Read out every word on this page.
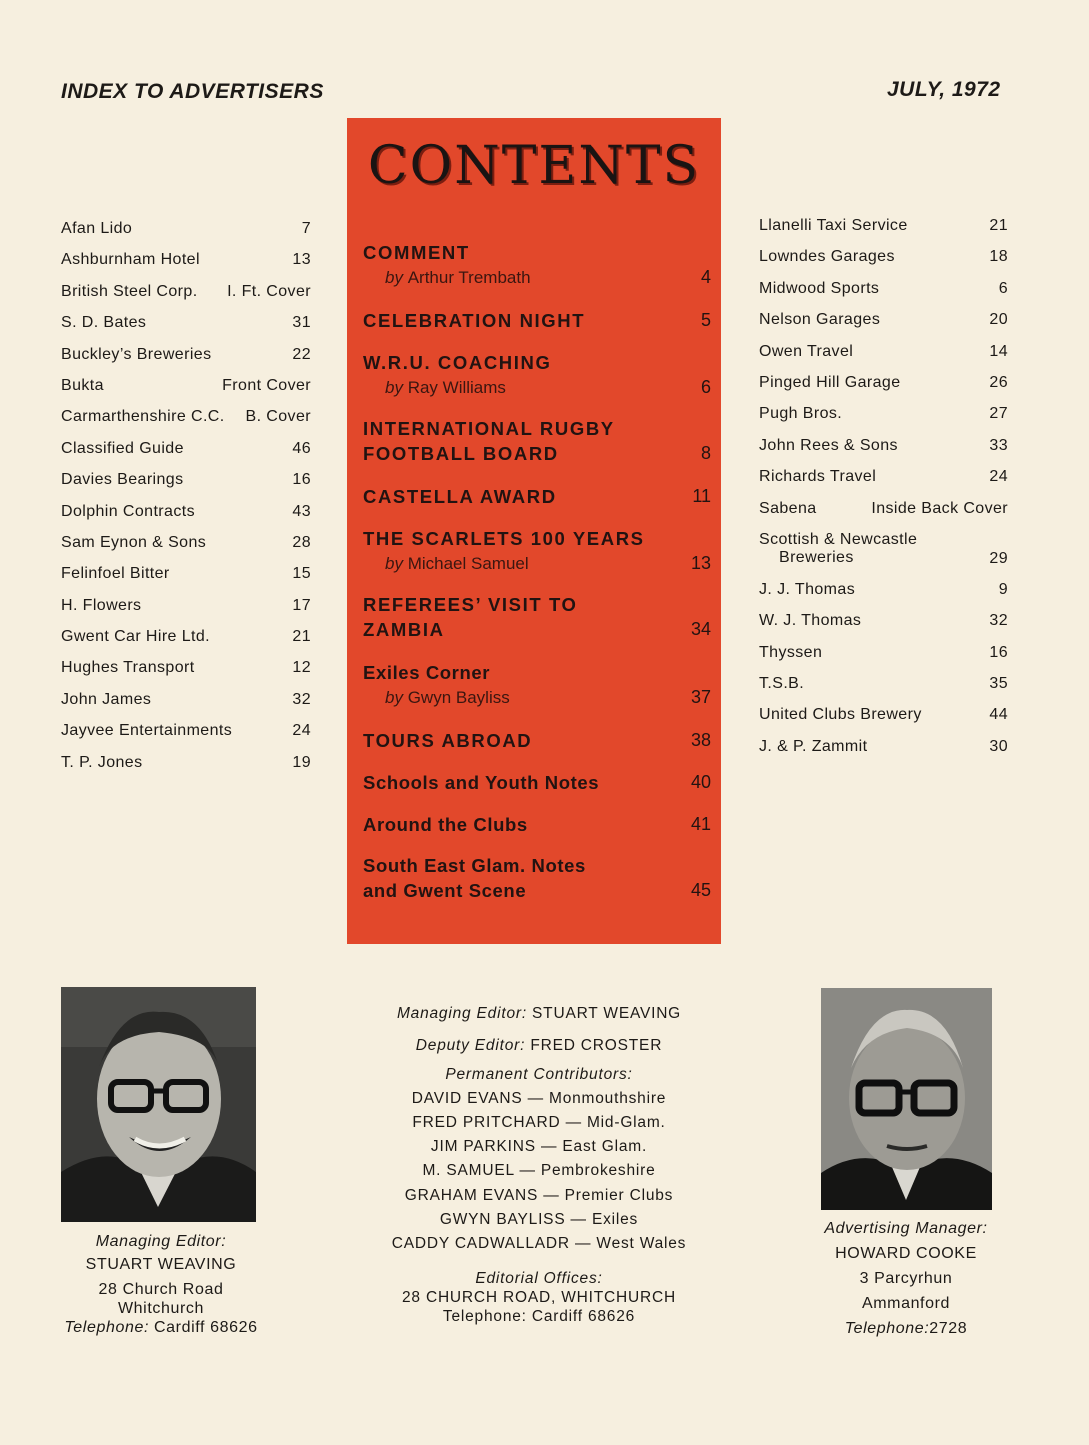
INDEX TO ADVERTISERS	JULY, 1972
Afan Lido	7
Ashburnham Hotel	13
British Steel Corp. I. Ft. Cover
S. D. Bates	31
Buckley’s Breweries	22
Bukta	Front Cover
Carmarthenshire C.C. B. Cover
Classified Guide	46
Davies Bearings	16
Dolphin Contracts	43
Sam Eynon & Sons	28
Felinfoel Bitter	15
H. Flowers	17
Gwent Car Hire Ltd.	21
Hughes Transport	12
John James	32
Jayvee Entertainments	24
T. P. Jones	19
Llanelli Taxi Service	21
Lowndes Garages	18
Midwood Sports	6
Nelson Garages	20
Owen Travel	14
Pinged Hill Garage	26
Pugh Bros.	27
John Rees & Sons	33
Richards Travel	24
Sabena	Inside Back Cover
Scottish & Newcastle
Breweries	29
J. J. Thomas	9
W. J. Thomas	32
Thyssen	16
T.S.B.	35
United Clubs Brewery	44
J. & P. Zammit	30
CONTENTS
COMMENT
by Arthur Trembath	4
CELEBRATION NIGHT	5
W.R.U. COACHING
by Ray Williams	6
INTERNATIONAL RUGBY
FOOTBALL BOARD	8
CASTELLA AWARD	11
THE SCARLETS 100 YEARS
by Michael Samuel	13
REFEREES’ VISIT TO
ZAMBIA	34
Exiles Corner
by Gwyn Bayliss	37
TOURS ABROAD	38
Schools and Youth Notes	40
Around the Clubs	41
South East Glam. Notes
and Gwent Scene	45
Managing Editor:
STUART WEAVING
28 Church Road
Whitchurch
Telephone: Cardiff 68626
Advertising Manager:
HOWARD COOKE
3 Parcyrhun
Ammanford
Telephone:2728
Managing Editor: STUART WEAVING
Deputy Editor: FRED CROSTER
Permanent Contributors:
DAVID EVANS — Monmouthshire
FRED PRITCHARD — Mid-Glam.
JIM PARKINS — East Glam.
M. SAMUEL — Pembrokeshire
GRAHAM EVANS — Premier Clubs
GWYN BAYLISS — Exiles
CADDY CADWALLADR — West Wales
Editorial Offices:
28 CHURCH ROAD, WHITCHURCH
Telephone: Cardiff 68626
